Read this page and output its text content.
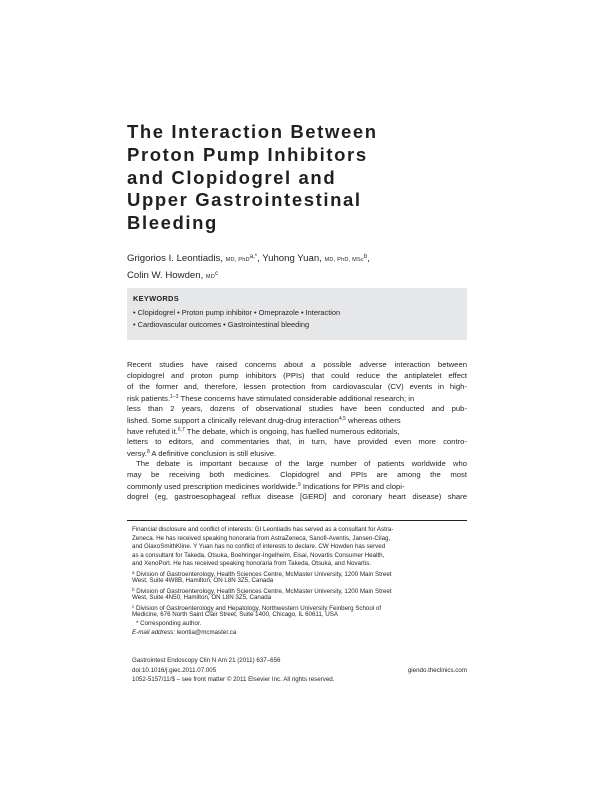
The Interaction Between
Proton Pump Inhibitors
and Clopidogrel and
Upper Gastrointestinal
Bleeding
Grigorios I. Leontiadis, MD, PhD$^{a,*}$, Yuhong Yuan, MD, PhD, MSc$^b$,
Colin W. Howden, MD$^c$
KEYWORDS
• Clopidogrel • Proton pump inhibitor • Omeprazole • Interaction
• Cardiovascular outcomes • Gastrointestinal bleeding
Recent studies have raised concerns about a possible adverse interaction between
clopidogrel and proton pump inhibitors (PPIs) that could reduce the antiplatelet effect
of the former and, therefore, lessen protection from cardiovascular (CV) events in high-
risk patients.$^{1-3}$ These concerns have stimulated considerable additional research; in
less than 2 years, dozens of observational studies have been conducted and pub-
lished. Some support a clinically relevant drug-drug interaction$^{4,5}$ whereas others
have refuted it.$^{6,7}$ The debate, which is ongoing, has fuelled numerous editorials,
letters to editors, and commentaries that, in turn, have provided even more contro-
versy.$^8$ A definitive conclusion is still elusive.
The debate is important because of the large number of patients worldwide who
may be receiving both medicines. Clopidogrel and PPIs are among the most
commonly used prescription medicines worldwide.$^9$ Indications for PPIs and clopi-
dogrel (eg, gastroesophageal reflux disease [GERD] and coronary heart disease) share
Financial disclosure and conflict of interests: GI Leontiadis has served as a consultant for Astra-
Zeneca. He has received speaking honoraria from AstraZeneca, Sanofi-Aventis, Jansen-Cilag,
and GlaxoSmithKline. Y Yuan has no conflict of interests to declare. CW Howden has served
as a consultant for Takeda, Otsuka, Boehringer-Ingelheim, Eisai, Novartis Consumer Health,
and XenoPort. He has received speaking honoraria from Takeda, Otsuka, and Novartis.
$^a$ Division of Gastroenterology, Health Sciences Centre, McMaster University, 1200 Main Street
West, Suite 4W8B, Hamilton, ON L8N 3Z5, Canada
$^b$ Division of Gastroenterology, Health Sciences Centre, McMaster University, 1200 Main Street
West, Suite 4N50, Hamilton, ON L8N 3Z5, Canada
$^c$ Division of Gastroenterology and Hepatology, Northwestern University Feinberg School of
Medicine, 676 North Saint Clair Street, Suite 1400, Chicago, IL 60611, USA
* Corresponding author.
E-mail address: leontia@mcmaster.ca
Gastrointest Endoscopy Clin N Am 21 (2011) 637–656
doi:10.1016/j.giec.2011.07.005	giendo.theclinics.com
1052-5157/11/$ – see front matter © 2011 Elsevier Inc. All rights reserved.
